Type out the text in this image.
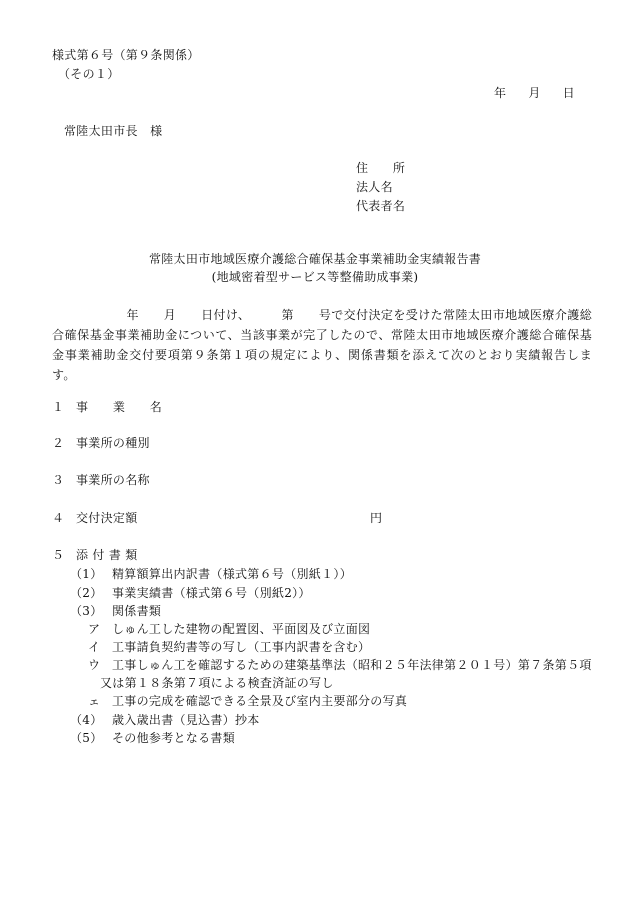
様式第６号（第９条関係）
（その１）
年 月 日
常陸太田市長　様
住　　所
法人名
代表者名
常陸太田市地域医療介護総合確保基金事業補助金実績報告書
(地域密着型サービス等整備助成事業)
　　　　　　年　　月　　日付け、　　　第　　号で交付決定を受けた常陸太田市地域医療介護総合確保基金事業補助金について、当該事業が完了したので、常陸太田市地域医療介護総合確保基金事業補助金交付要項第９条第１項の規定により、関係書類を添えて次のとおり実績報告します。
１ 事　　業　　名
２ 事業所の種別
３ 事業所の名称
４ 交付決定額	円
５ 添 付 書 類
（1） 精算額算出内訳書（様式第６号（別紙１））
（2） 事業実績書（様式第６号（別紙2））
（3） 関係書類
ア しゅん工した建物の配置図、平面図及び立面図
イ 工事請負契約書等の写し（工事内訳書を含む）
ウ 工事しゅん工を確認するための建築基準法（昭和２５年法律第２０１号）第７条第５項
又は第１８条第７項による検査済証の写し
ェ 工事の完成を確認できる全景及び室内主要部分の写真
（4） 歳入歳出書（見込書）抄本
（5） その他参考となる書類
